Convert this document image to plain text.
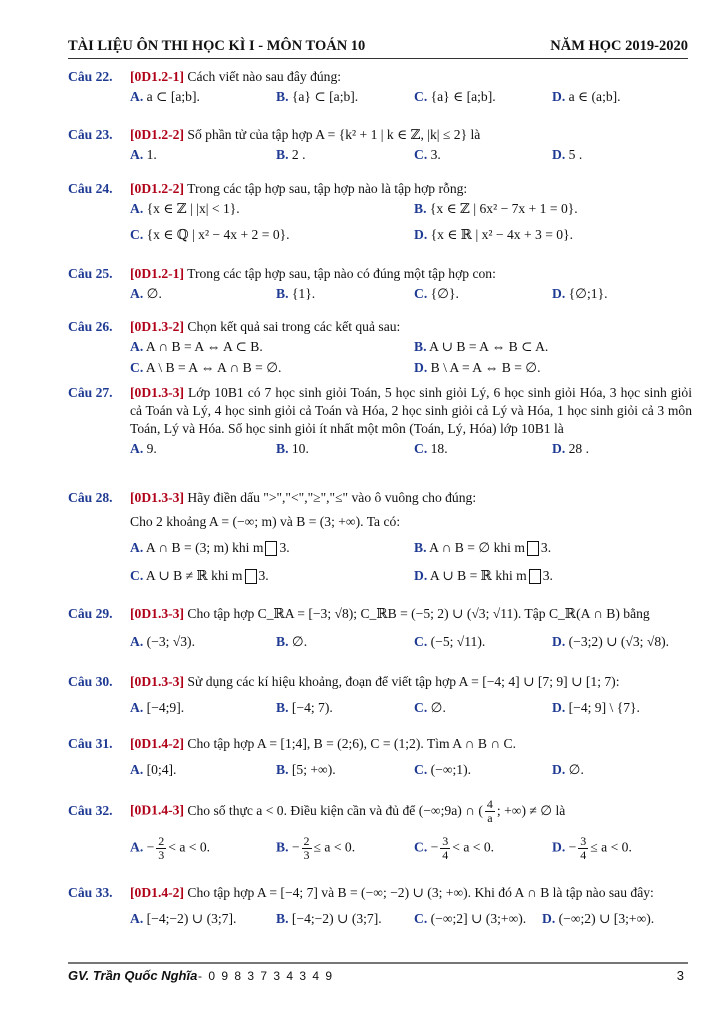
TÀI LIỆU ÔN THI HỌC KÌ I - MÔN TOÁN 10	NĂM HỌC 2019-2020
Câu 22. [0D1.2-1] Cách viết nào sau đây đúng:
A. a ⊂ [a;b].	B. {a} ⊂ [a;b].	C. {a} ∈ [a;b].	D. a ∈ (a;b].
Câu 23. [0D1.2-2] Số phần tử của tập hợp A = {k² + 1 | k ∈ ℤ, |k| ≤ 2} là
A. 1.	B. 2 .	C. 3.	D. 5 .
Câu 24. [0D1.2-2] Trong các tập hợp sau, tập hợp nào là tập hợp rỗng:
A. {x ∈ ℤ | |x| < 1}.	B. {x ∈ ℤ | 6x² − 7x + 1 = 0}.
C. {x ∈ ℚ | x² − 4x + 2 = 0}.	D. {x ∈ ℝ | x² − 4x + 3 = 0}.
Câu 25. [0D1.2-1] Trong các tập hợp sau, tập nào có đúng một tập hợp con:
A. ∅.	B. {1}.	C. {∅}.	D. {∅;1}.
Câu 26. [0D1.3-2] Chọn kết quả sai trong các kết quả sau:
A. A ∩ B = A ⇔ A ⊂ B.	B. A ∪ B = A ⇔ B ⊂ A.
C. A \ B = A ⇔ A ∩ B = ∅.	D. B \ A = A ⇔ B = ∅.
Câu 27. [0D1.3-3] Lớp 10B1 có 7 học sinh giỏi Toán, 5 học sinh giỏi Lý, 6 học sinh giỏi Hóa, 3 học sinh giỏi cả Toán và Lý, 4 học sinh giỏi cả Toán và Hóa, 2 học sinh giỏi cả Lý và Hóa, 1 học sinh giỏi cả 3 môn Toán, Lý và Hóa. Số học sinh giỏi ít nhất một môn (Toán, Lý, Hóa) lớp 10B1 là
A. 9.	B. 10.	C. 18.	D. 28 .
Câu 28. [0D1.3-3] Hãy điền dấu ">","<","≥","≤" vào ô vuông cho đúng:
Cho 2 khoảng A = (−∞; m) và B = (3; +∞). Ta có:
A. A ∩ B = (3; m) khi m 3.	B. A ∩ B = ∅ khi m 3.
C. A ∪ B ≠ ℝ khi m 3.	D. A ∪ B = ℝ khi m 3.
Câu 29. [0D1.3-3] Cho tập hợp C_ℝA = [−3; √8); C_ℝB = (−5; 2) ∪ (√3; √11). Tập C_ℝ(A ∩ B) bằng
A. (−3; √3).	B. ∅.	C. (−5; √11).	D. (−3;2) ∪ (√3; √8).
Câu 30. [0D1.3-3] Sử dụng các kí hiệu khoảng, đoạn để viết tập hợp A = [−4; 4] ∪ [7; 9] ∪ [1; 7):
A. [−4;9].	B. [−4; 7).	C. ∅.	D. [−4; 9] \ {7}.
Câu 31. [0D1.4-2] Cho tập hợp A = [1;4], B = (2;6), C = (1;2). Tìm A ∩ B ∩ C.
A. [0;4].	B. [5; +∞).	C. (−∞;1).	D. ∅.
Câu 32. [0D1.4-3] Cho số thực a < 0. Điều kiện cần và đủ để (−∞;9a) ∩ ( $\frac{4}{a}$ ; +∞) ≠ ∅ là
A. − $\frac{2}{3} < a < 0$.	B. − $\frac{2}{3} \le a < 0$.	C. − $\frac{3}{4} < a < 0$.	D. − $\frac{3}{4} \le a < 0$.
Câu 33. [0D1.4-2] Cho tập hợp A = [−4; 7] và B = (−∞; −2) ∪ (3; +∞). Khi đó A ∩ B là tập nào sau đây:
A. [−4;−2) ∪ (3;7].	B. [−4;−2) ∪ (3;7]. C. (−∞;2] ∪ (3;+∞). D. (−∞;2) ∪ [3;+∞).
GV. Trần Quốc Nghĩa - 0 9 8 3 7 3 4 3 4 9	3
